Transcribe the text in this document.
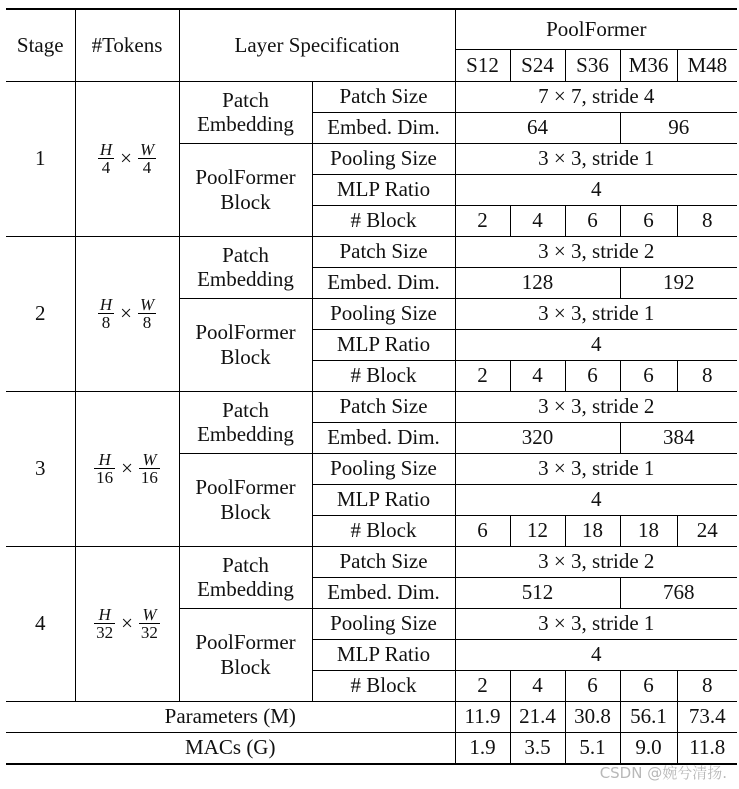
Stage	#Tokens	Layer Specification		PoolFormer				
				S12	S24	S36	M36	M48
1	$\frac{H}{4} \times \frac{W}{4}$	Patch Embedding	Patch Size	7 × 7, stride 4				
			Embed. Dim.	64			96	
		PoolFormer Block	Pooling Size	3 × 3, stride 1				
			MLP Ratio	4				
			# Block	2	4	6	6	8
2	$\frac{H}{8} \times \frac{W}{8}$	Patch Embedding	Patch Size	3 × 3, stride 2				
			Embed. Dim.	128			192	
		PoolFormer Block	Pooling Size	3 × 3, stride 1				
			MLP Ratio	4				
			# Block	2	4	6	6	8
3	$\frac{H}{16} \times \frac{W}{16}$	Patch Embedding	Patch Size	3 × 3, stride 2				
			Embed. Dim.	320			384	
		PoolFormer Block	Pooling Size	3 × 3, stride 1				
			MLP Ratio	4				
			# Block	6	12	18	18	24
4	$\frac{H}{32} \times \frac{W}{32}$	Patch Embedding	Patch Size	3 × 3, stride 2				
			Embed. Dim.	512			768	
		PoolFormer Block	Pooling Size	3 × 3, stride 1				
			MLP Ratio	4				
			# Block	2	4	6	6	8
Parameters (M)				11.9	21.4	30.8	56.1	73.4
MACs (G)				1.9	3.5	5.1	9.0	11.8
CSDN @婉兮清扬.
